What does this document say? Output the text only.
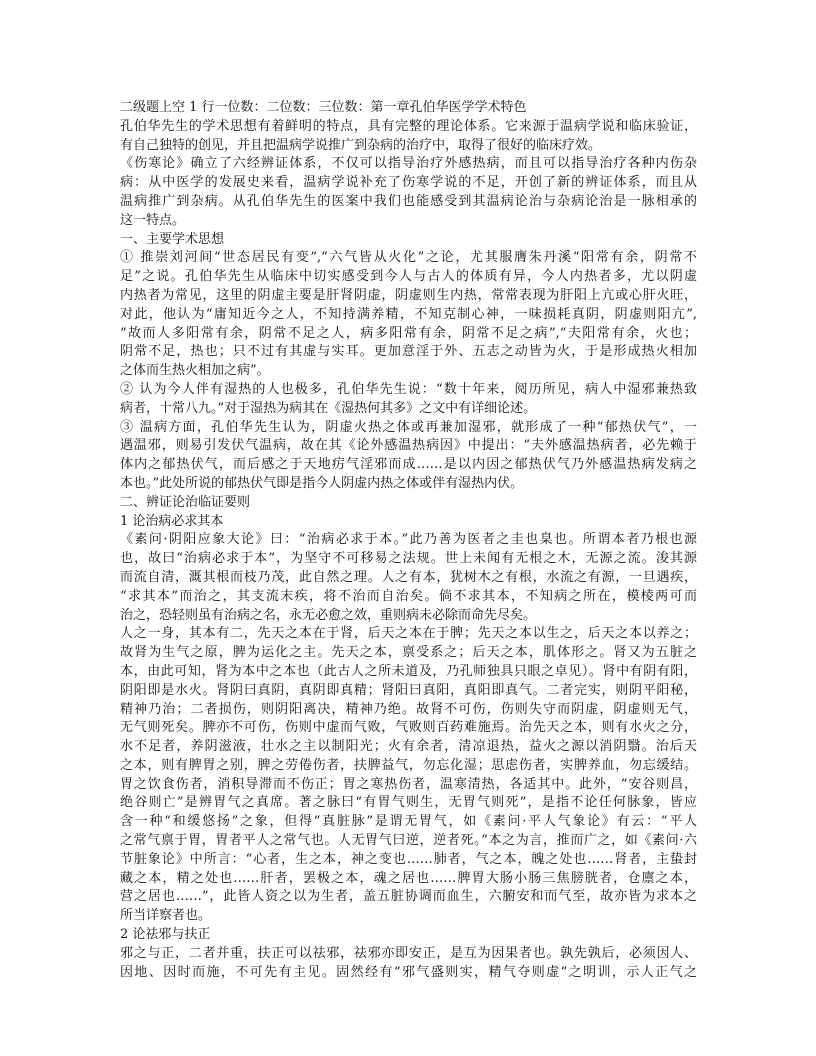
二级题上空 1 行一位数：二位数：三位数：第一章孔伯华医学学术特色

孔伯华先生的学术思想有着鲜明的特点，具有完整的理论体系。它来源于温病学说和临床验证，

有自己独特的创见，并且把温病学说推广到杂病的治疗中，取得了很好的临床疗效。

《伤寒论》确立了六经辨证体系，不仅可以指导治疗外感热病，而且可以指导治疗各种内伤杂

病：从中医学的发展史来看，温病学说补充了伤寒学说的不足，开创了新的辨证体系，而且从

温病推广到杂病。从孔伯华先生的医案中我们也能感受到其温病论治与杂病论治是一脉相承的

这一特点。

一、主要学术思想

① 推崇刘河间“世态居民有变”,“六气皆从火化”之论，尤其服膺朱丹溪“阳常有余，阴常不

足”之说。孔伯华先生从临床中切实感受到今人与古人的体质有异，今人内热者多，尤以阴虚

内热者为常见，这里的阴虚主要是肝肾阴虚，阴虚则生内热，常常表现为肝阳上亢或心肝火旺，

对此，他认为“庸知近今之人，不知持满养精，不知克制心神，一味损耗真阴，阴虚则阳亢”,

“故而人多阳常有余，阴常不足之人，病多阳常有余，阴常不足之病”,“夫阳常有余，火也；

阴常不足，热也；只不过有其虚与实耳。更加意淫于外、五志之动皆为火，于是形成热火相加

之体而生热火相加之病”。

② 认为今人伴有湿热的人也极多，孔伯华先生说：“数十年来，阅历所见，病人中湿邪兼热致

病者，十常八九。”对于湿热为病其在《湿热何其多》之文中有详细论述。

③ 温病方面，孔伯华先生认为，阴虚火热之体或再兼加湿邪，就形成了一种“郁热伏气”，一

遇温邪，则易引发伏气温病，故在其《论外感温热病因》中提出：“夫外感温热病者，必先赖于

体内之郁热伏气，而后感之于天地疠气淫邪而成……是以内因之郁热伏气乃外感温热病发病之

本也。”此处所说的郁热伏气即是指今人阴虚内热之体或伴有湿热内伏。

二、辨证论治临证要则

1 论治病必求其本

《素问·阴阳应象大论》曰：“治病必求于本。”此乃善为医者之圭也臬也。所谓本者乃根也源

也，故曰“治病必求于本”，为坚守不可移易之法规。世上未闻有无根之木，无源之流。浚其源

而流自清，溉其根而枝乃茂，此自然之理。人之有本，犹树木之有根，水流之有源，一旦遇疾，

“求其本”而治之，其支流末疾，将不治而自治矣。倘不求其本，不知病之所在，模棱两可而

治之，恐轻则虽有治病之名，永无必愈之效，重则病未必除而命先尽矣。

人之一身，其本有二，先天之本在于肾，后天之本在于脾；先天之本以生之，后天之本以养之；

故肾为生气之原，脾为运化之主。先天之本，禀受系之；后天之本，肌体形之。肾又为五脏之

本，由此可知，肾为本中之本也（此古人之所未道及，乃孔师独具只眼之卓见）。肾中有阴有阳，

阴阳即是水火。肾阴曰真阴，真阴即真精；肾阳曰真阳，真阳即真气。二者完实，则阴平阳秘，

精神乃治；二者损伤，则阴阳离决，精神乃绝。故肾不可伤，伤则失守而阴虚，阴虚则无气，

无气则死矣。脾亦不可伤，伤则中虚而气败，气败则百药难施焉。治先天之本，则有水火之分，

水不足者，养阴滋液，壮水之主以制阳光；火有余者，清凉退热，益火之源以消阴翳。治后天

之本，则有脾胃之别，脾之劳倦伤者，扶脾益气，勿忘化湿；思虑伤者，实脾养血，勿忘缓结。

胃之饮食伤者，消积导滞而不伤正；胃之寒热伤者，温寒清热，各适其中。此外，“安谷则昌，

绝谷则亡”是辨胃气之真席。著之脉曰“有胃气则生，无胃气则死”，是指不论任何脉象，皆应

含一种“和缓悠扬”之象，但得“真脏脉”是谓无胃气，如《素问·平人气象论》有云：“平人

之常气禀于胃，胃者平人之常气也。人无胃气曰逆，逆者死。”本之为言，推而广之，如《素问·六

节脏象论》中所言：“心者，生之本，神之变也……肺者，气之本，魄之处也……肾者，主蛰封

藏之本，精之处也……肝者，罢极之本，魂之居也……脾胃大肠小肠三焦膀胱者，仓廪之本，

营之居也……”，此皆人资之以为生者，盖五脏协调而血生，六腑安和而气至，故亦皆为求本之

所当详察者也。

2 论祛邪与扶正

邪之与正，二者并重，扶正可以祛邪，祛邪亦即安正，是互为因果者也。孰先孰后，必须因人、

因地、因时而施，不可先有主见。固然经有“邪气盛则实，精气夺则虚”之明训，示人正气之
